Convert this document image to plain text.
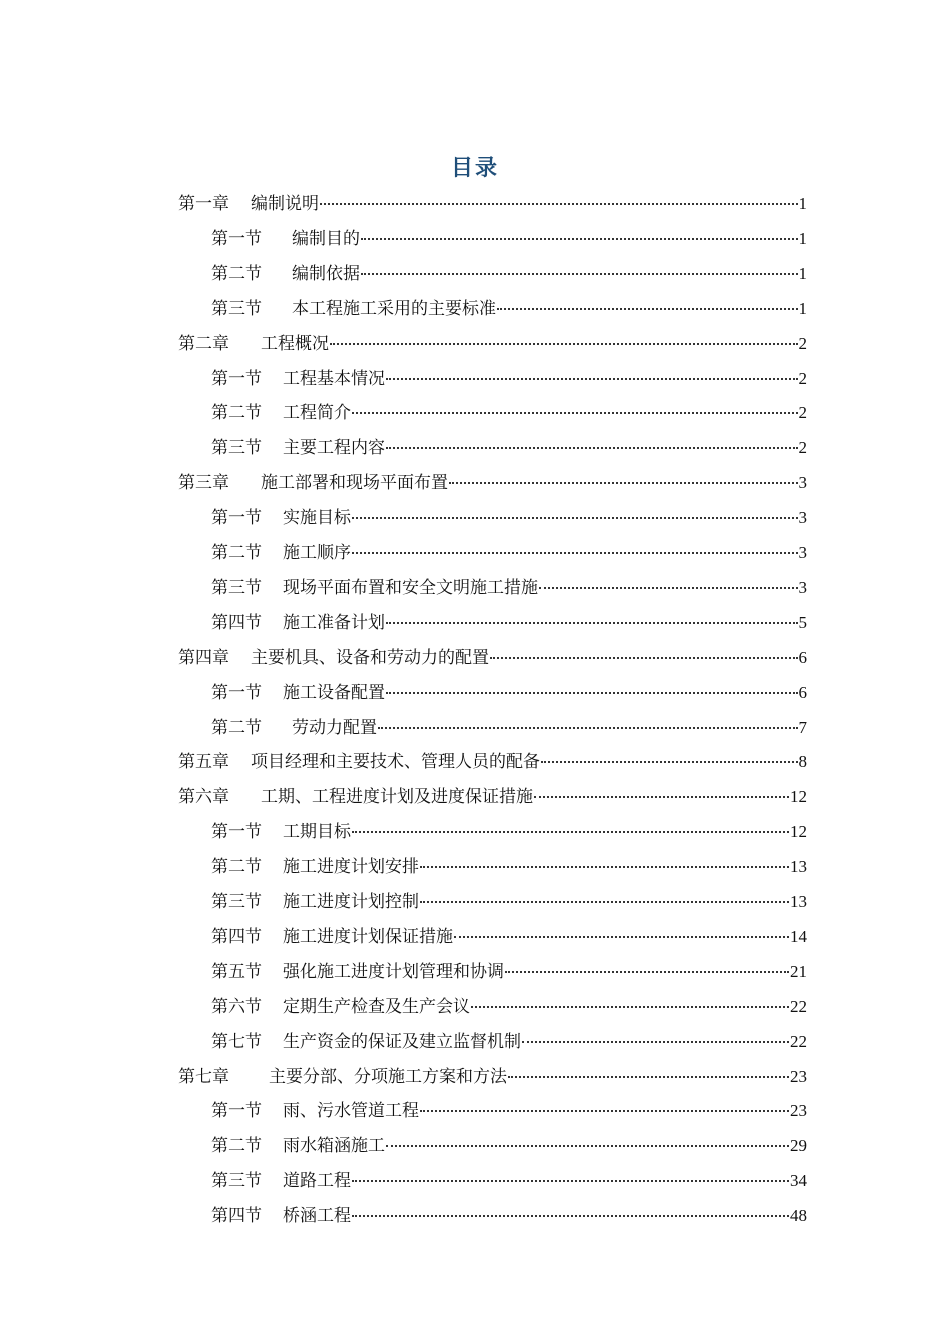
目录
第一章 编制说明	1
第一节 编制目的	1
第二节 编制依据	1
第三节 本工程施工采用的主要标准	1
第二章 工程概况	2
第一节 工程基本情况	2
第二节 工程简介	2
第三节 主要工程内容	2
第三章 施工部署和现场平面布置	3
第一节 实施目标	3
第二节 施工顺序	3
第三节 现场平面布置和安全文明施工措施	3
第四节 施工准备计划	5
第四章 主要机具、设备和劳动力的配置	6
第一节 施工设备配置	6
第二节 劳动力配置	7
第五章 项目经理和主要技术、管理人员的配备	8
第六章 工期、工程进度计划及进度保证措施	12
第一节 工期目标	12
第二节 施工进度计划安排	13
第三节 施工进度计划控制	13
第四节 施工进度计划保证措施	14
第五节 强化施工进度计划管理和协调	21
第六节 定期生产检查及生产会议	22
第七节 生产资金的保证及建立监督机制	22
第七章 主要分部、分项施工方案和方法	23
第一节 雨、污水管道工程	23
第二节 雨水箱涵施工	29
第三节 道路工程	34
第四节 桥涵工程	48
